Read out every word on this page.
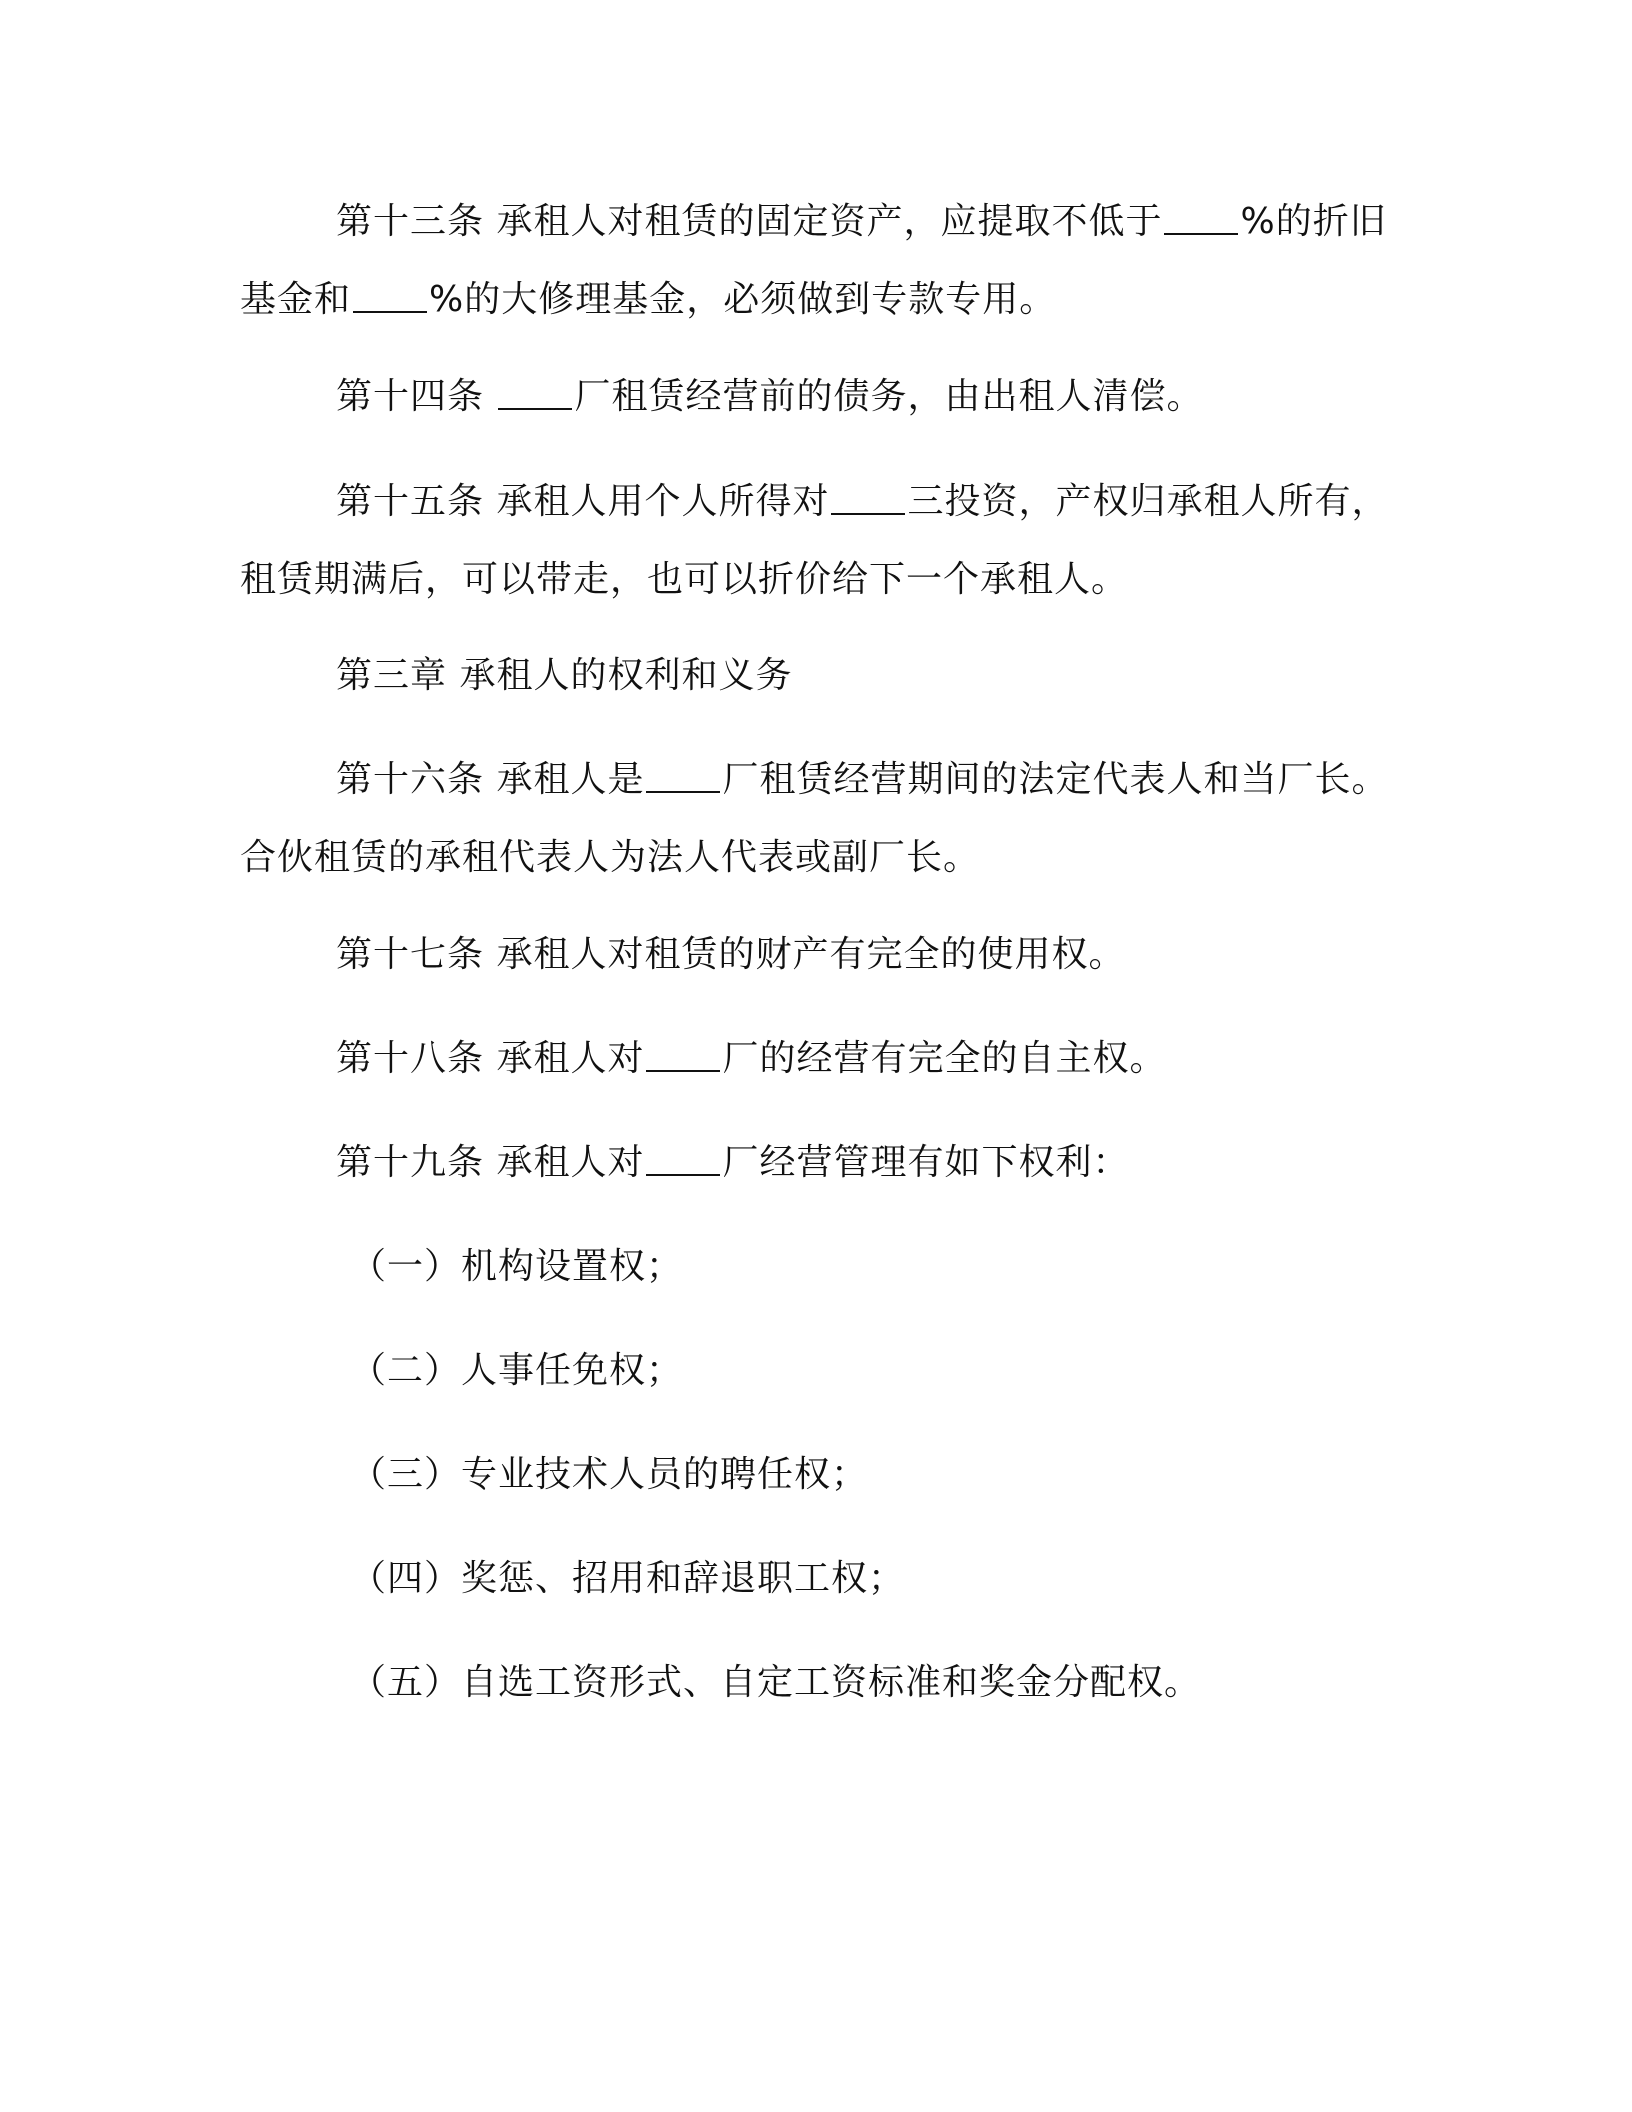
第十三条 承租人对租赁的固定资产，应提取不低于 %的折旧
基金和 %的大修理基金，必须做到专款专用。

第十四条	厂租赁经营前的债务，由出租人清偿。

第十五条 承租人用个人所得对 三投资，产权归承租人所有，
租赁期满后，可以带走，也可以折价给下一个承租人。

第三章 承租人的权利和义务

第十六条 承租人是 厂租赁经营期间的法定代表人和当厂长。
合伙租赁的承租代表人为法人代表或副厂长。

第十七条 承租人对租赁的财产有完全的使用权。

第十八条 承租人对 厂的经营有完全的自主权。

第十九条 承租人对 厂经营管理有如下权利：

（一）机构设置权；

（二）人事任免权；

（三）专业技术人员的聘任权；

（四）奖惩、招用和辞退职工权；

（五）自选工资形式、自定工资标准和奖金分配权。
